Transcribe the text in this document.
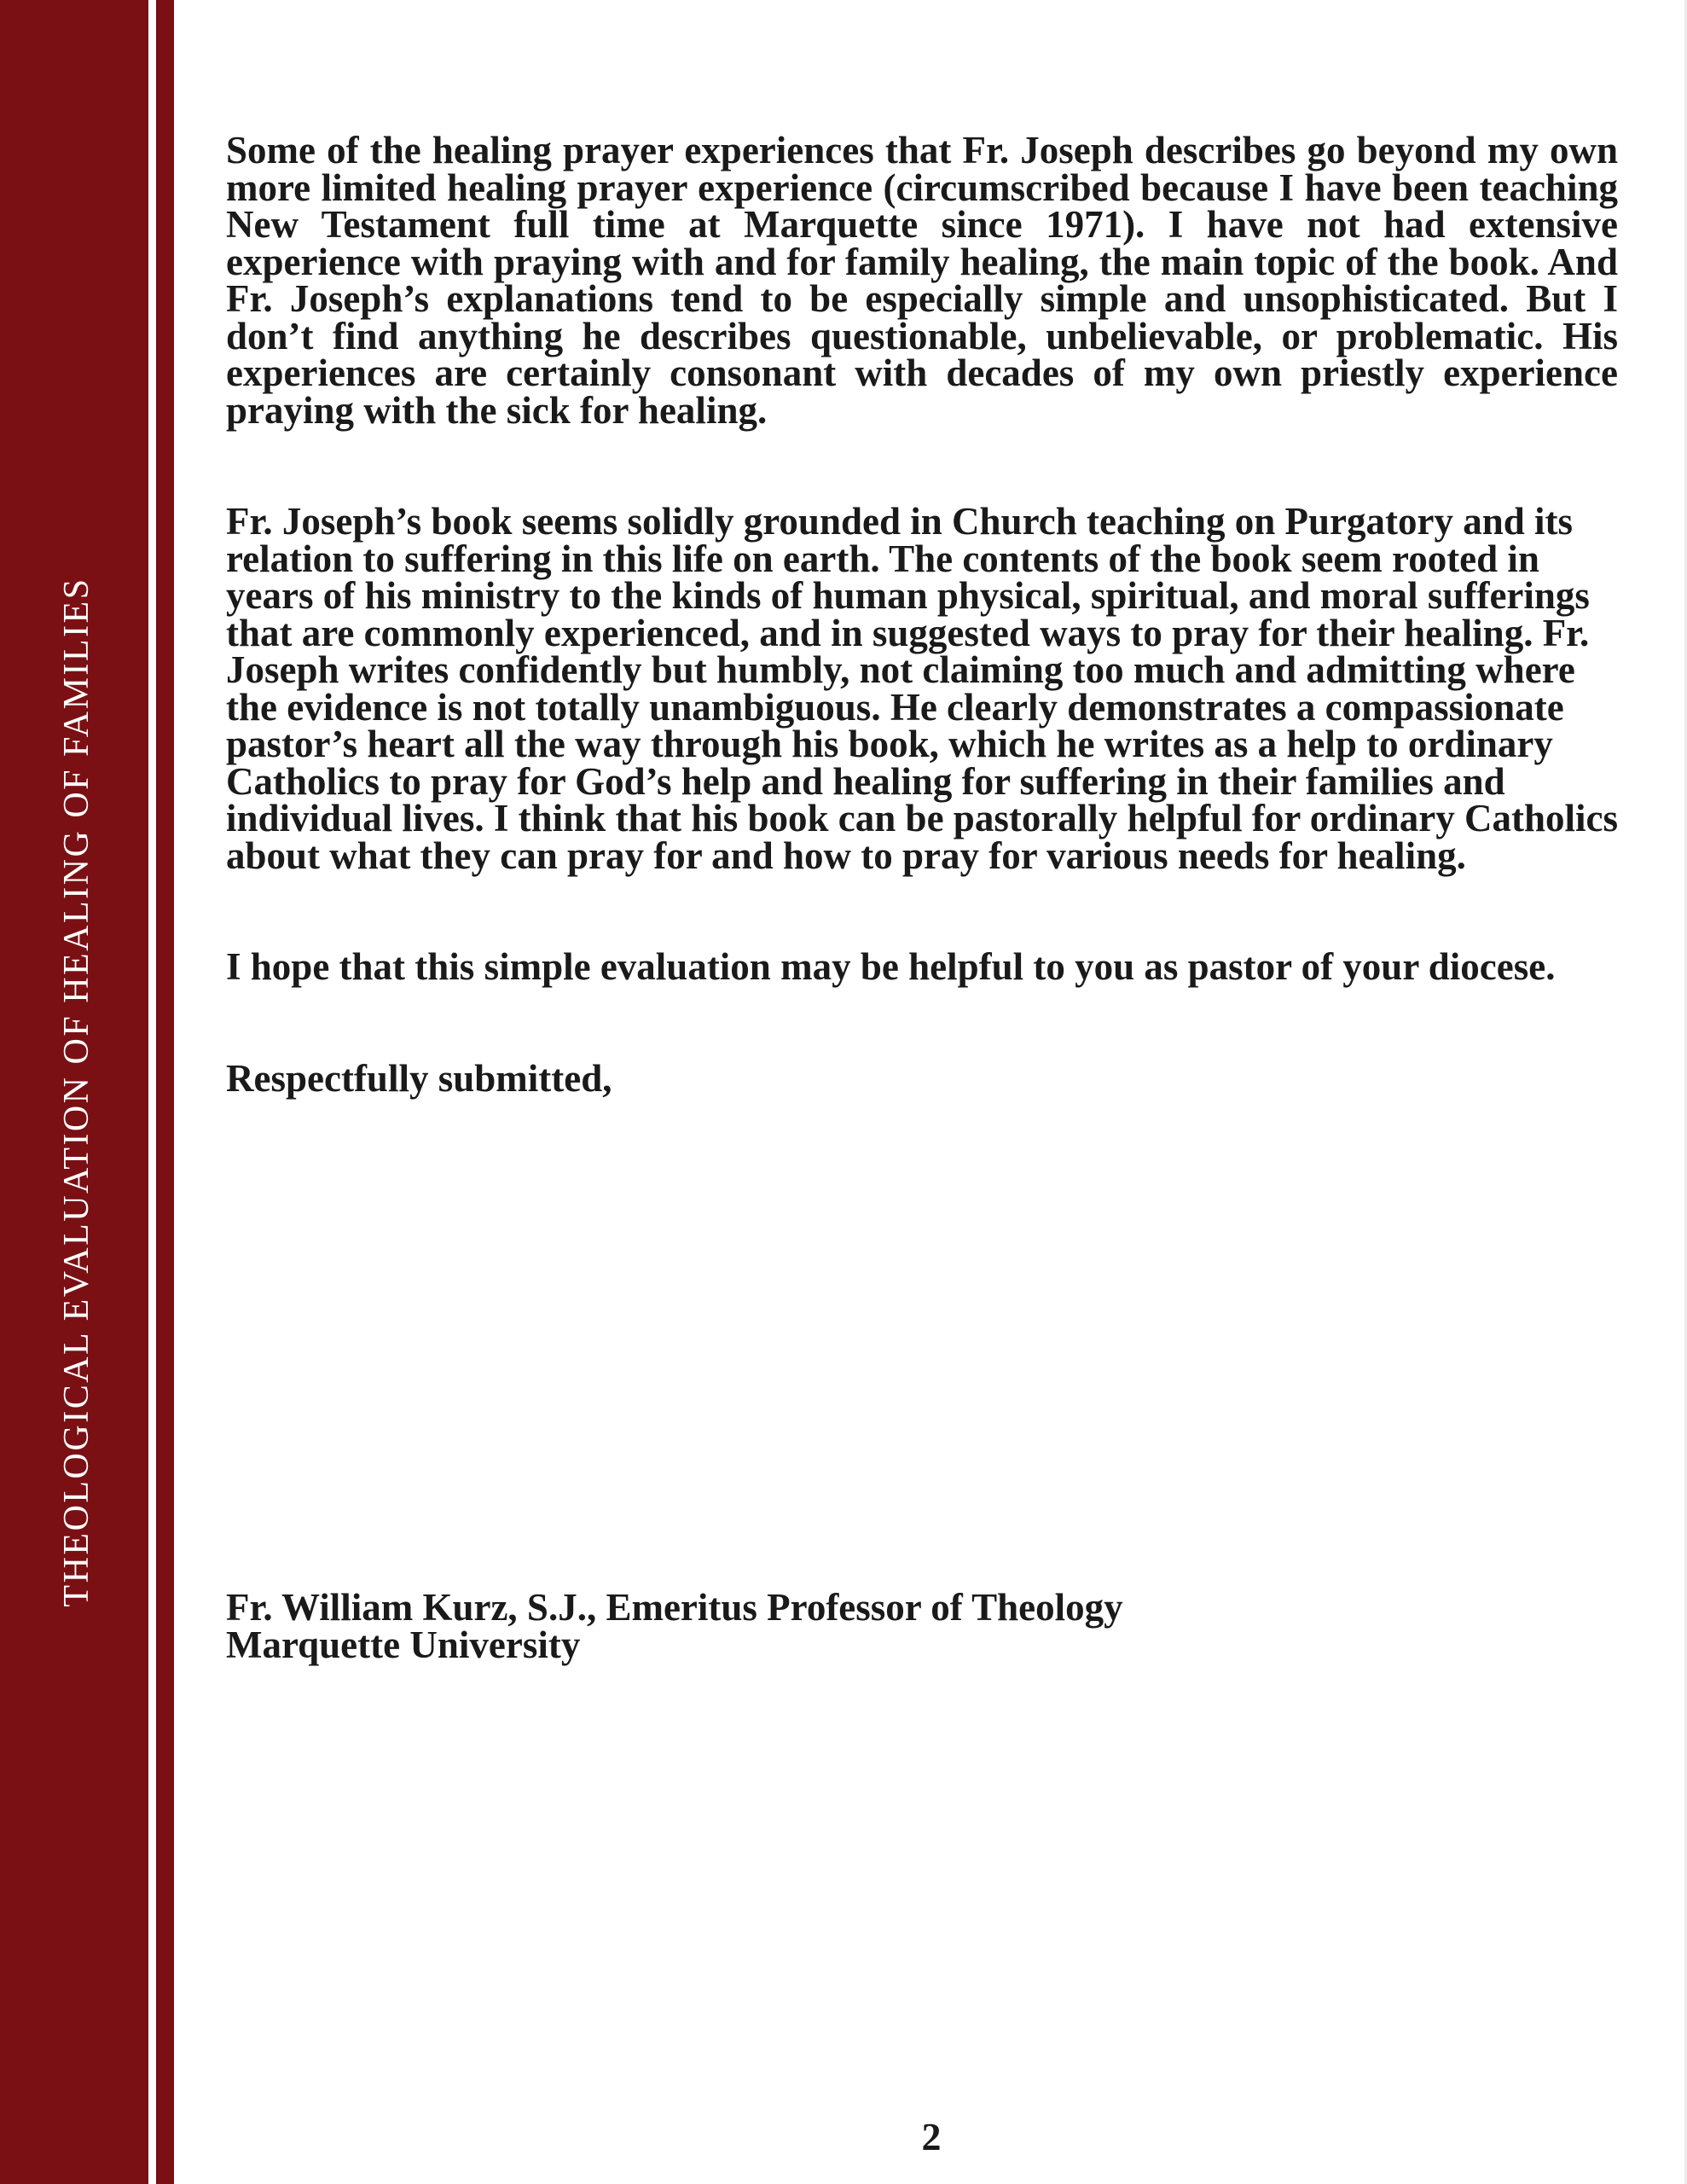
THEOLOGICAL EVALUATION OF HEALING OF FAMILIES

Some of the healing prayer experiences that Fr. Joseph describes go beyond my own more limited healing prayer experience (circumscribed because I have been teaching New Testament full time at Marquette since 1971). I have not had extensive experience with praying with and for family healing, the main topic of the book. And Fr. Joseph’s explanations tend to be especially simple and unsophisticated. But I don’t find anything he describes questionable, unbelievable, or problematic. His experiences are certainly consonant with decades of my own priestly experience praying with the sick for healing.

Fr. Joseph’s book seems solidly grounded in Church teaching on Purgatory and its relation to suffering in this life on earth. The contents of the book seem rooted in years of his ministry to the kinds of human physical, spiritual, and moral sufferings that are commonly experienced, and in suggested ways to pray for their healing. Fr. Joseph writes confidently but humbly, not claiming too much and admitting where the evidence is not totally unambiguous. He clearly demonstrates a compassionate pastor’s heart all the way through his book, which he writes as a help to ordinary Catholics to pray for God’s help and healing for suffering in their families and

individual lives. I think that his book can be pastorally helpful for ordinary Catholics about what they can pray for and how to pray for various needs for healing.

I hope that this simple evaluation may be helpful to you as pastor of your diocese.

Respectfully submitted,
Fr. William Kurz, S.J., Emeritus Professor of Theology
Marquette University
2
